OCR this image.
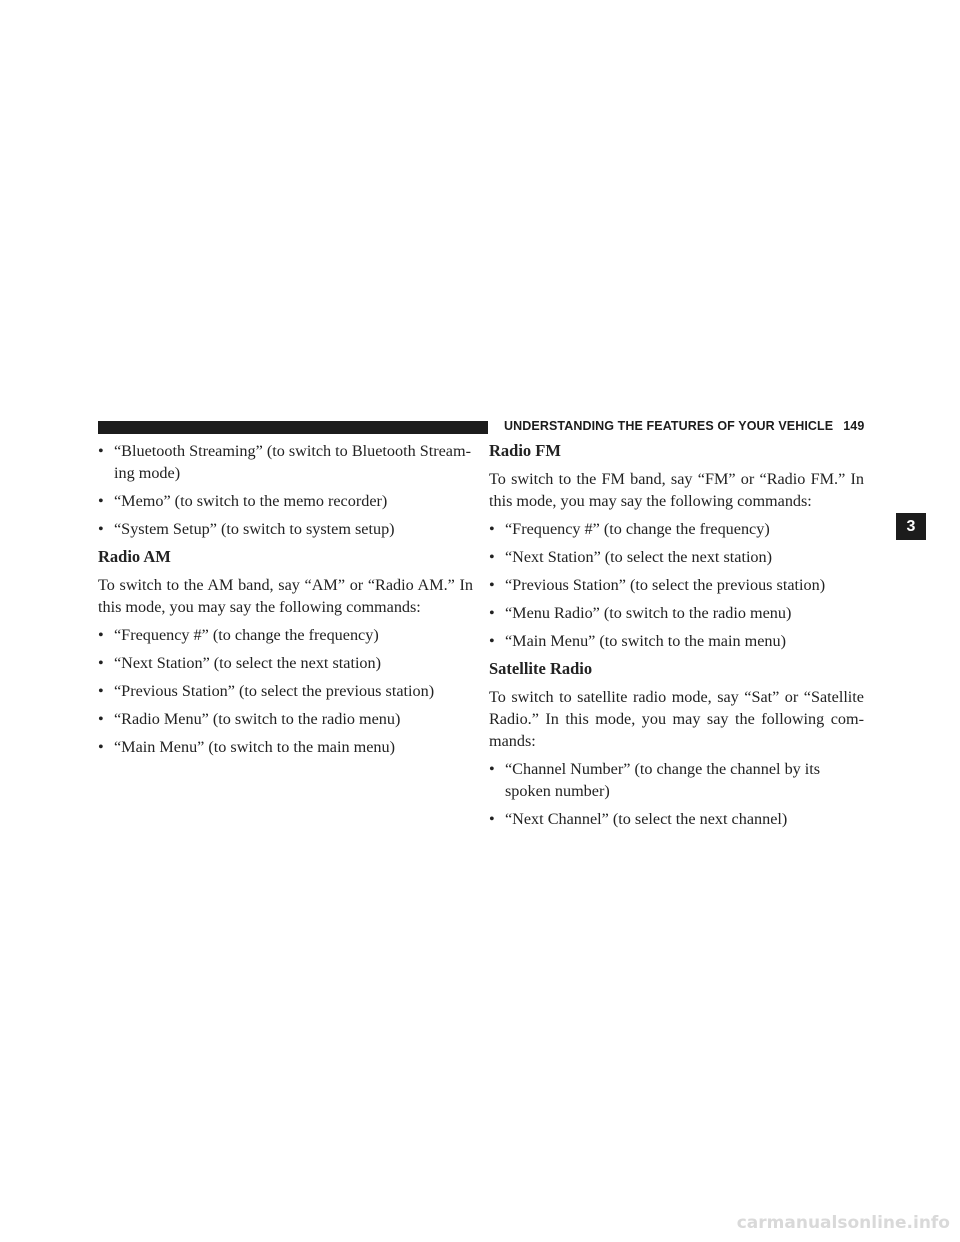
UNDERSTANDING THE FEATURES OF YOUR VEHICLE 149
3
• “Bluetooth Streaming” (to switch to Bluetooth Stream-ing mode)
• “Memo” (to switch to the memo recorder)
• “System Setup” (to switch to system setup)
Radio AM
To switch to the AM band, say “AM” or “Radio AM.” In this mode, you may say the following commands:
• “Frequency #” (to change the frequency)
• “Next Station” (to select the next station)
• “Previous Station” (to select the previous station)
• “Radio Menu” (to switch to the radio menu)
• “Main Menu” (to switch to the main menu)
Radio FM
To switch to the FM band, say “FM” or “Radio FM.” In this mode, you may say the following commands:
• “Frequency #” (to change the frequency)
• “Next Station” (to select the next station)
• “Previous Station” (to select the previous station)
• “Menu Radio” (to switch to the radio menu)
• “Main Menu” (to switch to the main menu)
Satellite Radio
To switch to satellite radio mode, say “Sat” or “Satellite Radio.” In this mode, you may say the following com-mands:
• “Channel Number” (to change the channel by its spoken number)
• “Next Channel” (to select the next channel)
carmanualsonline.info
